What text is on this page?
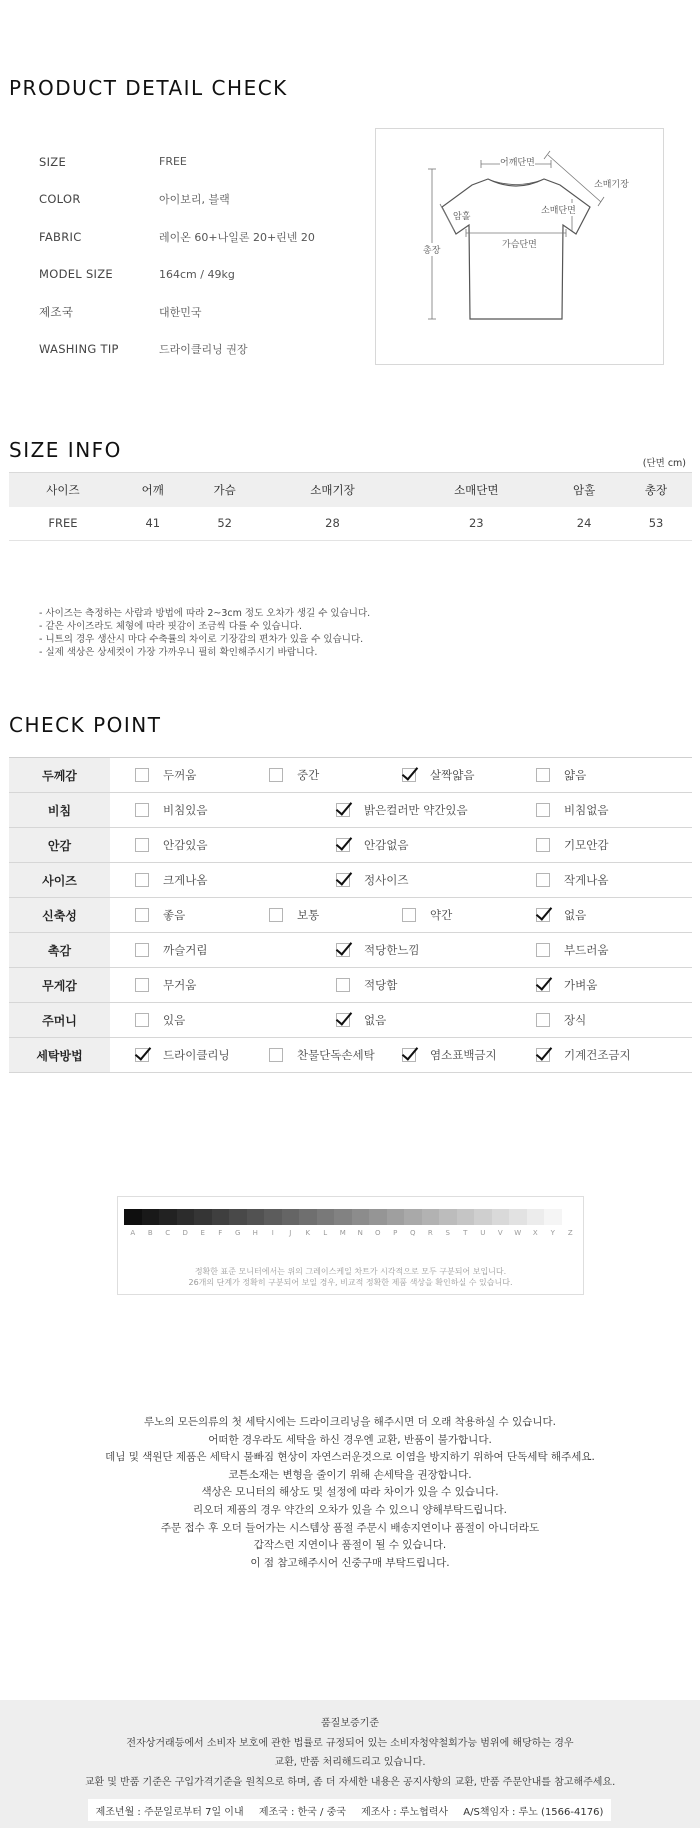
PRODUCT DETAIL CHECK
SIZE	FREE
COLOR	아이보리, 블랙
FABRIC	레이온 60+나일론 20+린넨 20
MODEL SIZE	164cm / 49kg
제조국	대한민국
WASHING TIP	드라이클리닝 권장
어깨단면
소매기장
암홀
소매단면
가슴단면
총장
SIZE INFO
(단면 cm)
사이즈	어깨	가슴	소매기장	소매단면	암홀	총장
FREE	41	52	28	23	24	53
- 사이즈는 측정하는 사람과 방법에 따라 2~3cm 정도 오차가 생길 수 있습니다.
- 같은 사이즈라도 체형에 따라 핏감이 조금씩 다를 수 있습니다.
- 니트의 경우 생산시 마다 수축률의 차이로 기장감의 편차가 있을 수 있습니다.
- 실제 색상은 상세컷이 가장 가까우니 필히 확인해주시기 바랍니다.
CHECK POINT
두께감	두꺼움	중간	살짝얇음	얇음
비침	비침있음	밝은컬러만 약간있음	비침없음
안감	안감있음	안감없음	기모안감
사이즈	크게나옴	정사이즈	작게나옴
신축성	좋음	보통	약간	없음
촉감	까슬거림	적당한느낌	부드러움
무게감	무거움	적당함	가벼움
주머니	있음	없음	장식
세탁방법	드라이클리닝	찬물단독손세탁	염소표백금지	기계건조금지
A	B	C	D	E	F	G	H	I	J	K	L	M	N	O	P	Q	R	S	T	U	V	W	X	Y	Z
정확한 표준 모니터에서는 위의 그레이스케일 차트가 시각적으로 모두 구분되어 보입니다.
26개의 단계가 정확히 구분되어 보일 경우, 비교적 정확한 제품 색상을 확인하실 수 있습니다.
루노의 모든의류의 첫 세탁시에는 드라이크리닝을 해주시면 더 오래 착용하실 수 있습니다.
어떠한 경우라도 세탁을 하신 경우엔 교환, 반품이 불가합니다.
데님 및 색원단 제품은 세탁시 물빠짐 현상이 자연스러운것으로 이염을 방지하기 위하여 단독세탁 해주세요.
코튼소재는 변형을 줄이기 위해 손세탁을 권장합니다.
색상은 모니터의 해상도 및 설정에 따라 차이가 있을 수 있습니다.
리오더 제품의 경우 약간의 오차가 있을 수 있으니 양해부탁드립니다.
주문 접수 후 오더 들어가는 시스템상 품절 주문시 배송지연이나 품절이 아니더라도
갑작스런 지연이나 품절이 될 수 있습니다.
이 점 참고해주시어 신중구매 부탁드립니다.
품질보증기준
전자상거래등에서 소비자 보호에 관한 법률로 규정되어 있는 소비자청약철회가능 범위에 해당하는 경우
교환, 반품 처리해드리고 있습니다.
교환 및 반품 기준은 구입가격기준을 원칙으로 하며, 좀 더 자세한 내용은 공지사항의 교환, 반품 주문안내를 참고해주세요.
제조년월 : 주문일로부터 7일 이내 제조국 : 한국 / 중국 제조사 : 루노협력사 A/S책임자 : 루노 (1566-4176)
